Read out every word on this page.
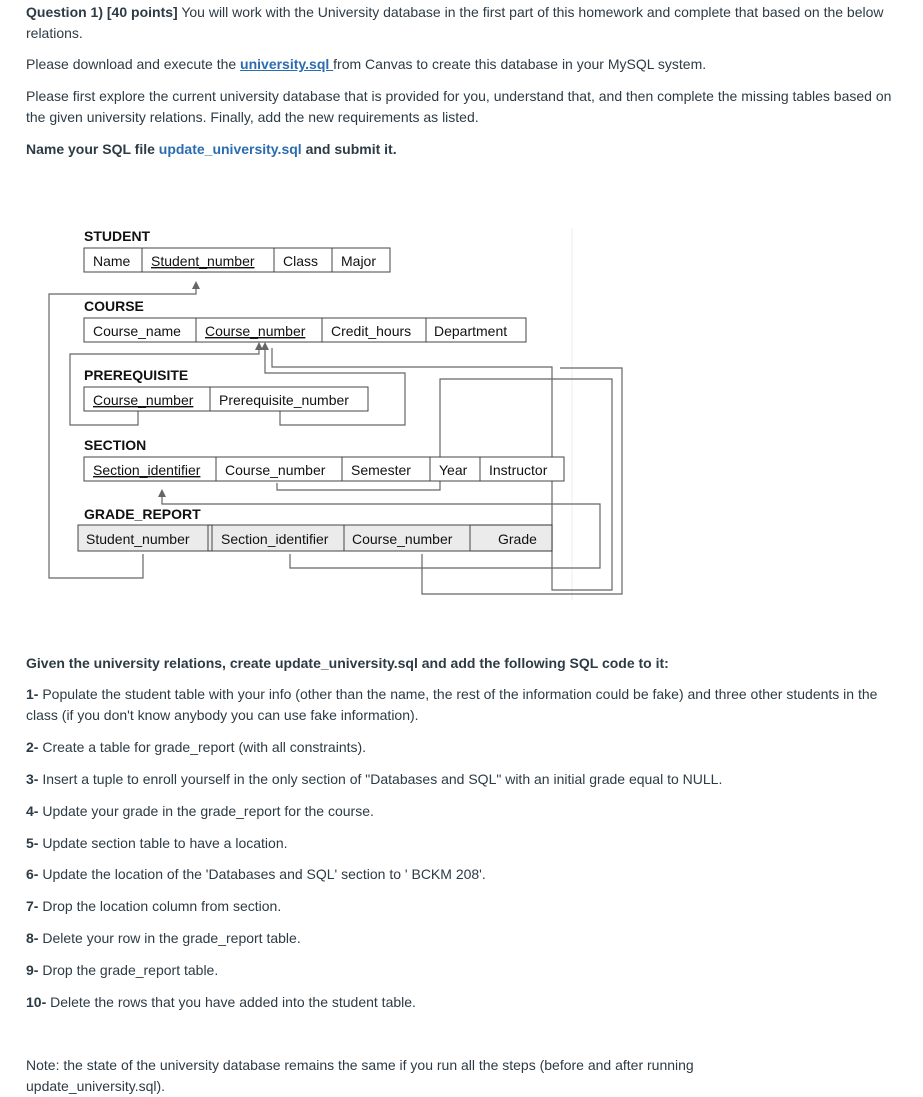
Question 1) [40 points] You will work with the University database in the first part of this homework and complete that based on the below relations.

Please download and execute the university.sql from Canvas to create this database in your MySQL system.

Please first explore the current university database that is provided for you, understand that, and then complete the missing tables based on the given university relations. Finally, add the new requirements as listed.

Name your SQL file update_university.sql and submit it.

STUDENT
COURSE
PREREQUISITE
SECTION
GRADE_REPORT
Name Student_number Class Major
Course_name Course_number Credit_hours Department
Course_number Prerequisite_number
Section_identifier Course_number Semester Year Instructor
Student_number Section_identifier Course_number	Grade

Given the university relations, create update_university.sql and add the following SQL code to it:

1- Populate the student table with your info (other than the name, the rest of the information could be fake) and three other students in the class (if you don't know anybody you can use fake information).

2- Create a table for grade_report (with all constraints).

3- Insert a tuple to enroll yourself in the only section of "Databases and SQL" with an initial grade equal to NULL.

4- Update your grade in the grade_report for the course.

5- Update section table to have a location.

6- Update the location of the 'Databases and SQL' section to ' BCKM 208'.

7- Drop the location column from section.

8- Delete your row in the grade_report table.

9- Drop the grade_report table.

10- Delete the rows that you have added into the student table.

Note: the state of the university database remains the same if you run all the steps (before and after running update_university.sql).
